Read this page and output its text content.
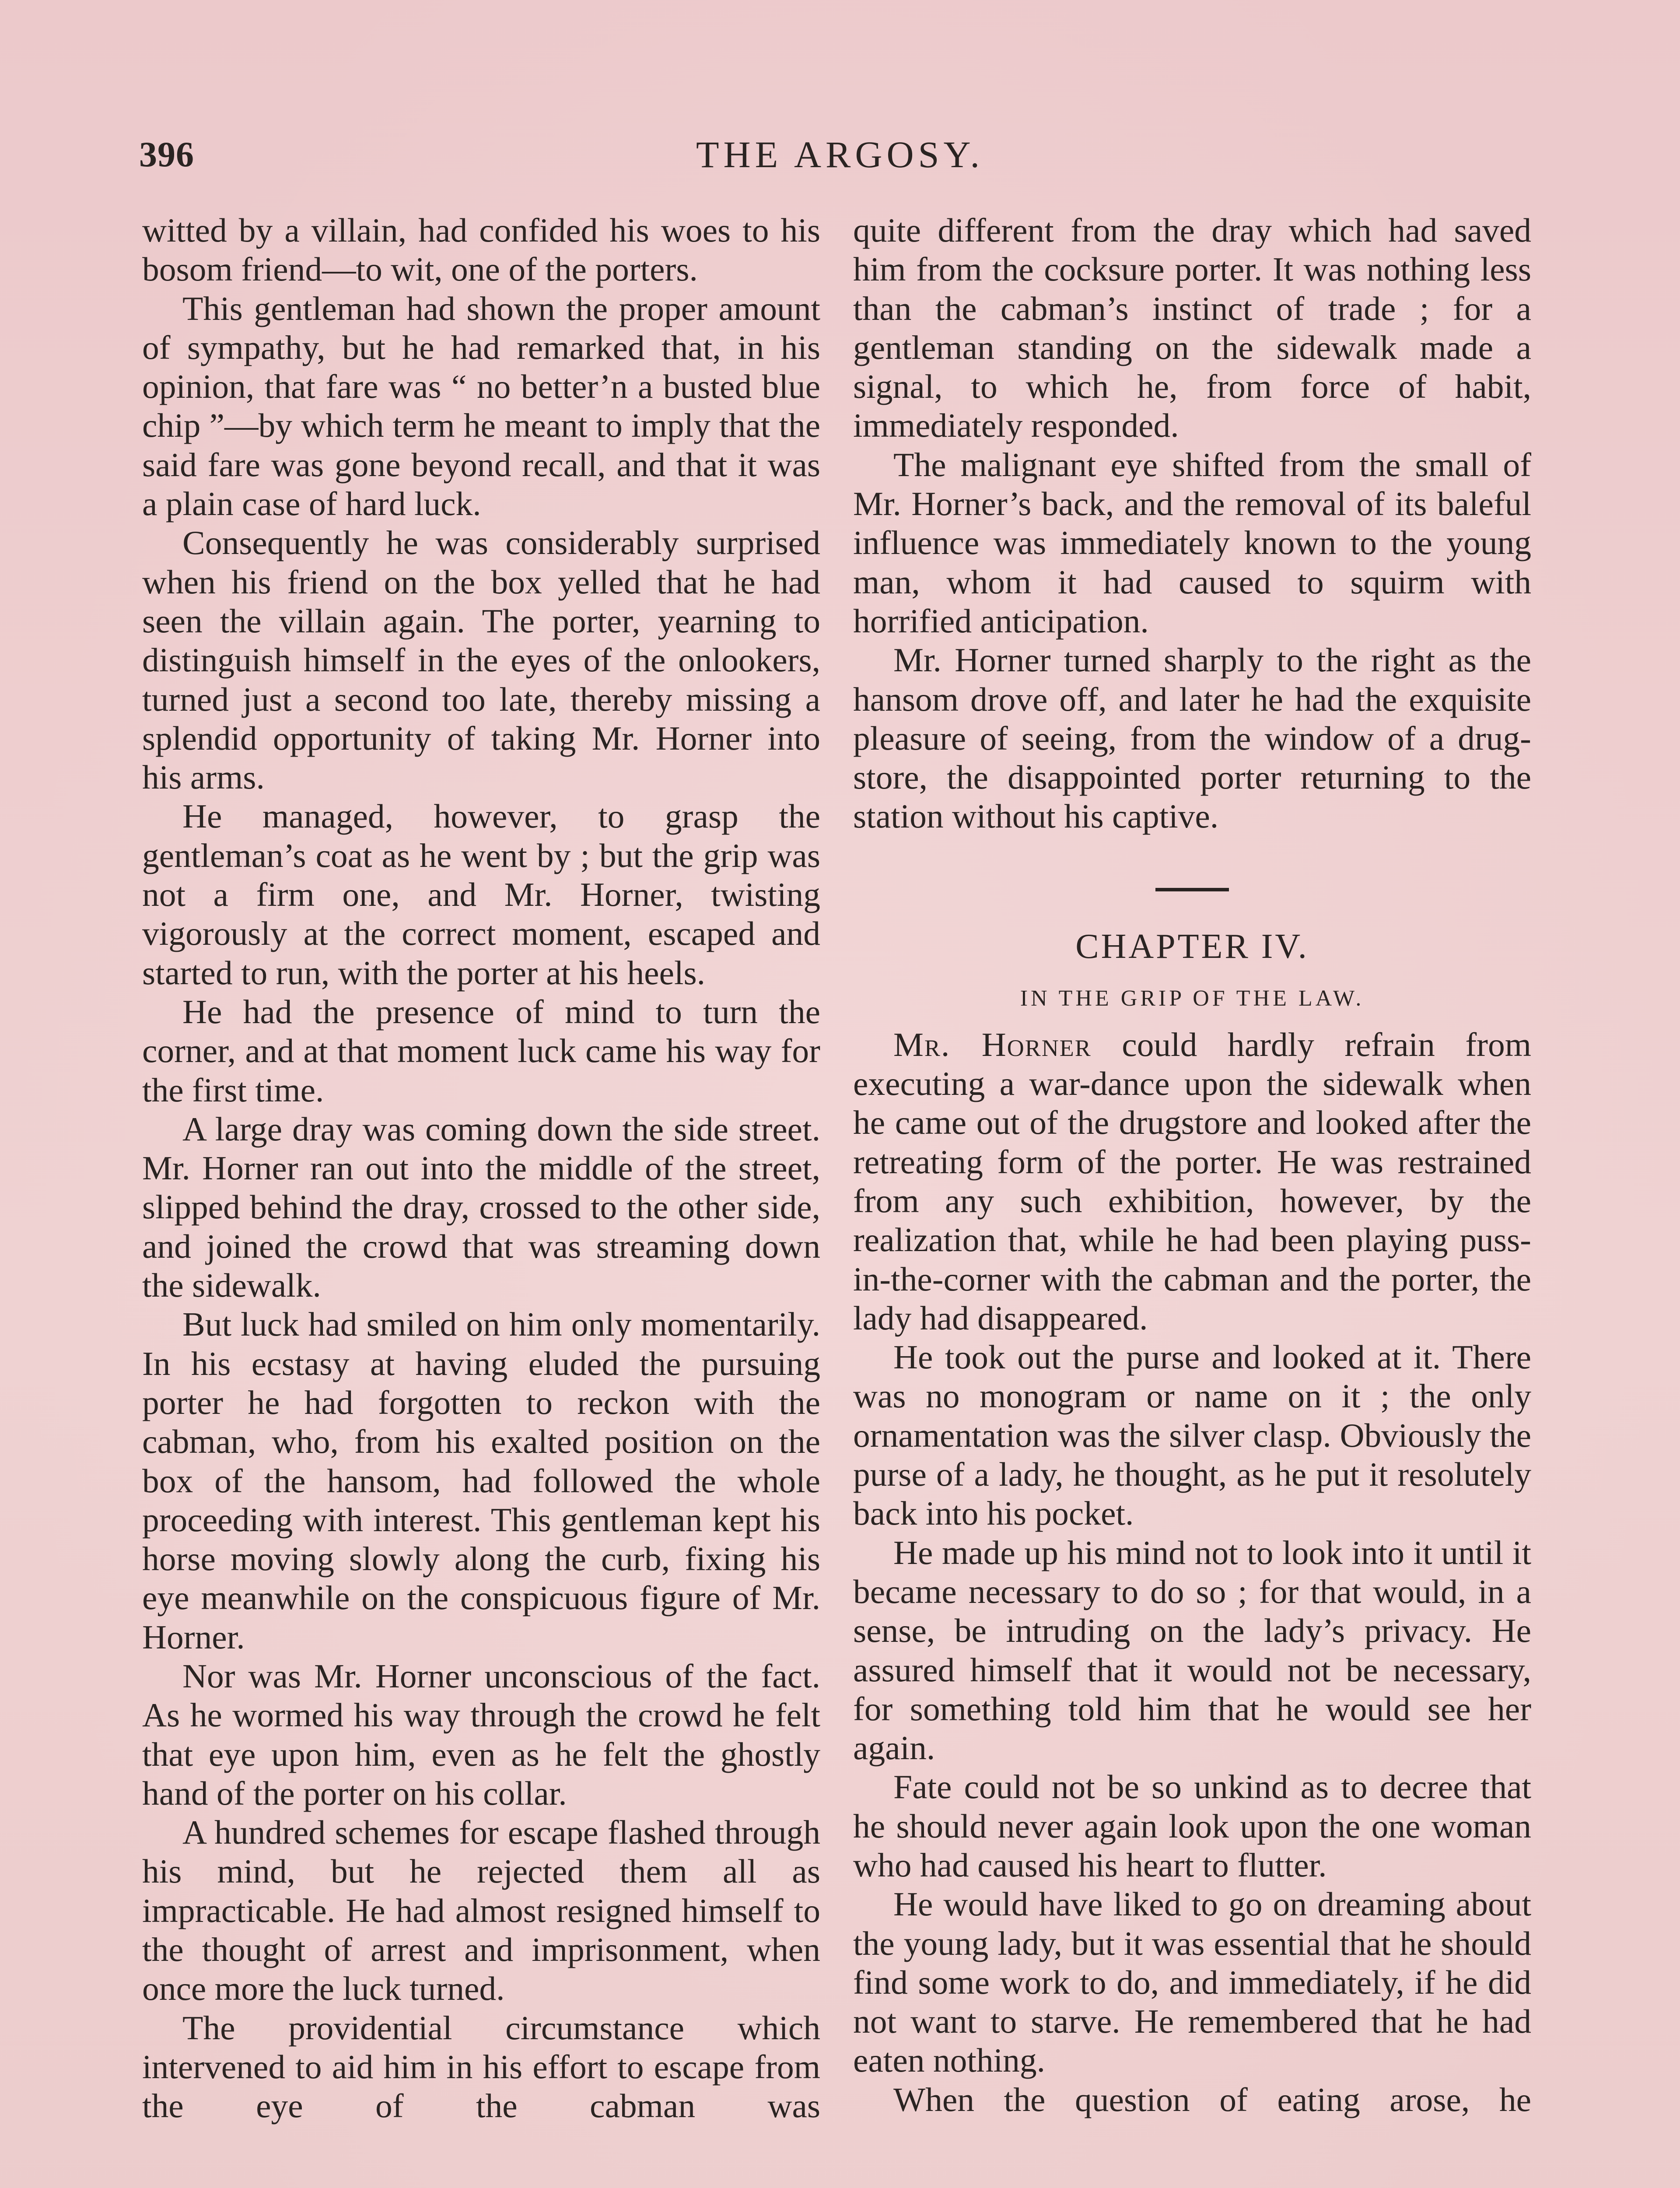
396	THE ARGOSY.

witted by a villain, had confided his woes to his bosom friend—to wit, one of the porters.

This gentleman had shown the proper amount of sympathy, but he had remarked that, in his opinion, that fare was “ no better’n a busted blue chip ”—by which term he meant to imply that the said fare was gone beyond recall, and that it was a plain case of hard luck.

Consequently he was considerably surprised when his friend on the box yelled that he had seen the villain again. The porter, yearning to distinguish himself in the eyes of the onlookers, turned just a second too late, thereby missing a splendid opportunity of taking Mr. Horner into his arms.

He managed, however, to grasp the gentleman’s coat as he went by ; but the grip was not a firm one, and Mr. Horner, twisting vigorously at the correct moment, escaped and started to run, with the porter at his heels.

He had the presence of mind to turn the corner, and at that moment luck came his way for the first time.

A large dray was coming down the side street. Mr. Horner ran out into the middle of the street, slipped behind the dray, crossed to the other side, and joined the crowd that was streaming down the sidewalk.

But luck had smiled on him only momentarily. In his ecstasy at having eluded the pursuing porter he had forgotten to reckon with the cabman, who, from his exalted position on the box of the hansom, had followed the whole proceeding with interest. This gentleman kept his horse moving slowly along the curb, fixing his eye meanwhile on the conspicuous figure of Mr. Horner.

Nor was Mr. Horner unconscious of the fact. As he wormed his way through the crowd he felt that eye upon him, even as he felt the ghostly hand of the porter on his collar.

A hundred schemes for escape flashed through his mind, but he rejected them all as impracticable. He had almost resigned himself to the thought of arrest and imprisonment, when once more the luck turned.

The providential circumstance which intervened to aid him in his effort to escape from the eye of the cabman was

quite different from the dray which had saved him from the cocksure porter. It was nothing less than the cabman’s instinct of trade ; for a gentleman standing on the sidewalk made a signal, to which he, from force of habit, immediately responded.

The malignant eye shifted from the small of Mr. Horner’s back, and the removal of its baleful influence was immediately known to the young man, whom it had caused to squirm with horrified anticipation.

Mr. Horner turned sharply to the right as the hansom drove off, and later he had the exquisite pleasure of seeing, from the window of a drug-store, the disappointed porter returning to the station without his captive.

CHAPTER IV.
IN THE GRIP OF THE LAW.

Mr. Horner could hardly refrain from executing a war-dance upon the sidewalk when he came out of the drugstore and looked after the retreating form of the porter. He was restrained from any such exhibition, however, by the realization that, while he had been playing puss-in-the-corner with the cabman and the porter, the lady had disappeared.

He took out the purse and looked at it. There was no monogram or name on it ; the only ornamentation was the silver clasp. Obviously the purse of a lady, he thought, as he put it resolutely back into his pocket.

He made up his mind not to look into it until it became necessary to do so ; for that would, in a sense, be intruding on the lady’s privacy. He assured himself that it would not be necessary, for something told him that he would see her again.

Fate could not be so unkind as to decree that he should never again look upon the one woman who had caused his heart to flutter.

He would have liked to go on dreaming about the young lady, but it was essential that he should find some work to do, and immediately, if he did not want to starve. He remembered that he had eaten nothing.

When the question of eating arose, he
